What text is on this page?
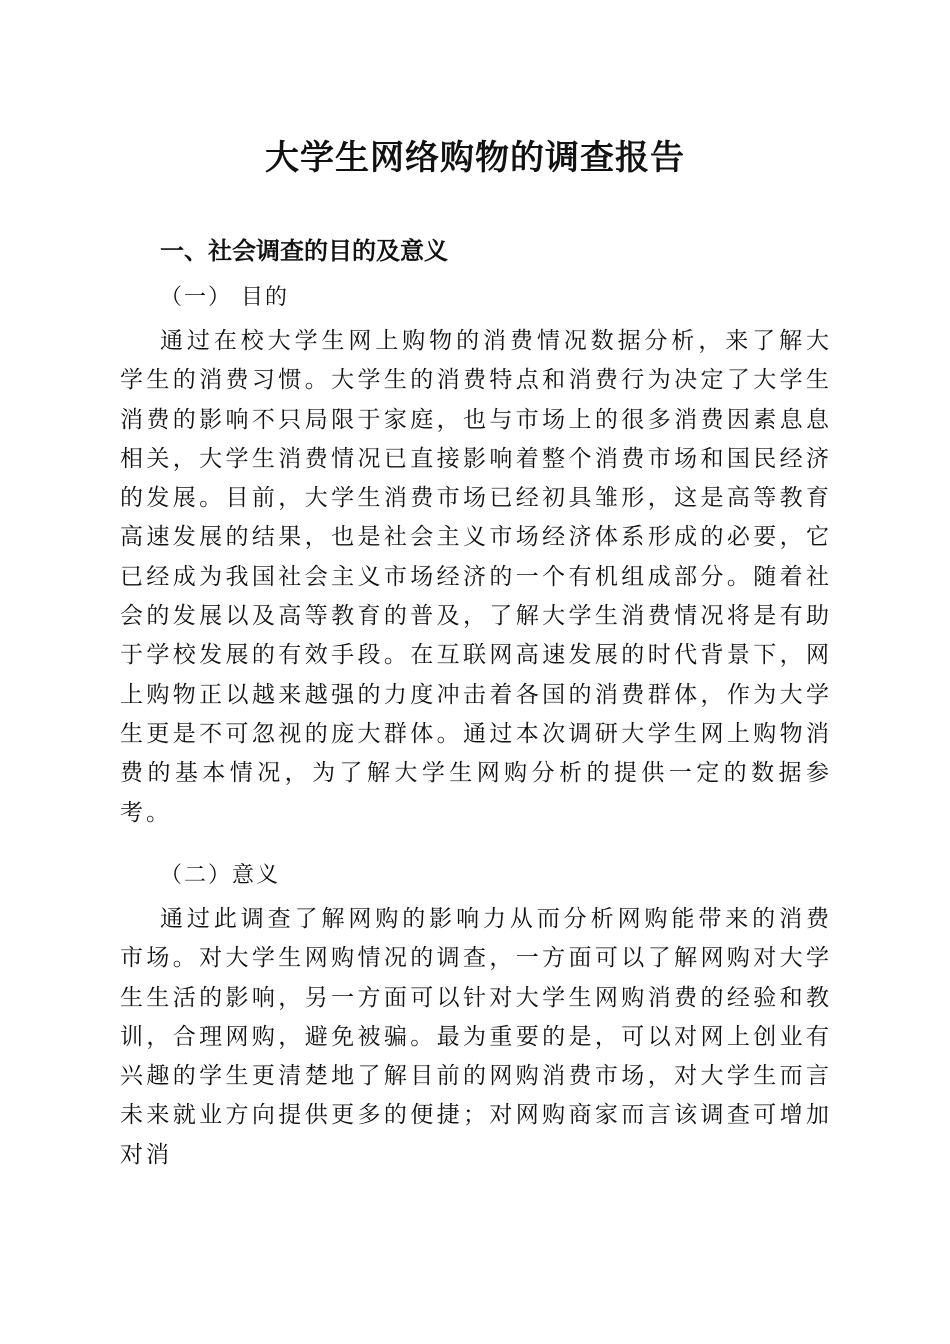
大学生网络购物的调查报告
一、社会调查的目的及意义
（一） 目的

通过在校大学生网上购物的消费情况数据分析，来了解大学生的消费习惯。大学生的消费特点和消费行为决定了大学生消费的影响不只局限于家庭，也与市场上的很多消费因素息息相关，大学生消费情况已直接影响着整个消费市场和国民经济的发展。目前，大学生消费市场已经初具雏形，这是高等教育高速发展的结果，也是社会主义市场经济体系形成的必要，它已经成为我国社会主义市场经济的一个有机组成部分。随着社会的发展以及高等教育的普及，了解大学生消费情况将是有助于学校发展的有效手段。在互联网高速发展的时代背景下，网上购物正以越来越强的力度冲击着各国的消费群体，作为大学生更是不可忽视的庞大群体。通过本次调研大学生网上购物消费的基本情况，为了解大学生网购分析的提供一定的数据参考。

（二）意义

通过此调查了解网购的影响力从而分析网购能带来的消费市场。对大学生网购情况的调查，一方面可以了解网购对大学生生活的影响，另一方面可以针对大学生网购消费的经验和教训，合理网购，避免被骗。最为重要的是，可以对网上创业有兴趣的学生更清楚地了解目前的网购消费市场，对大学生而言未来就业方向提供更多的便捷；对网购商家而言该调查可增加对消
